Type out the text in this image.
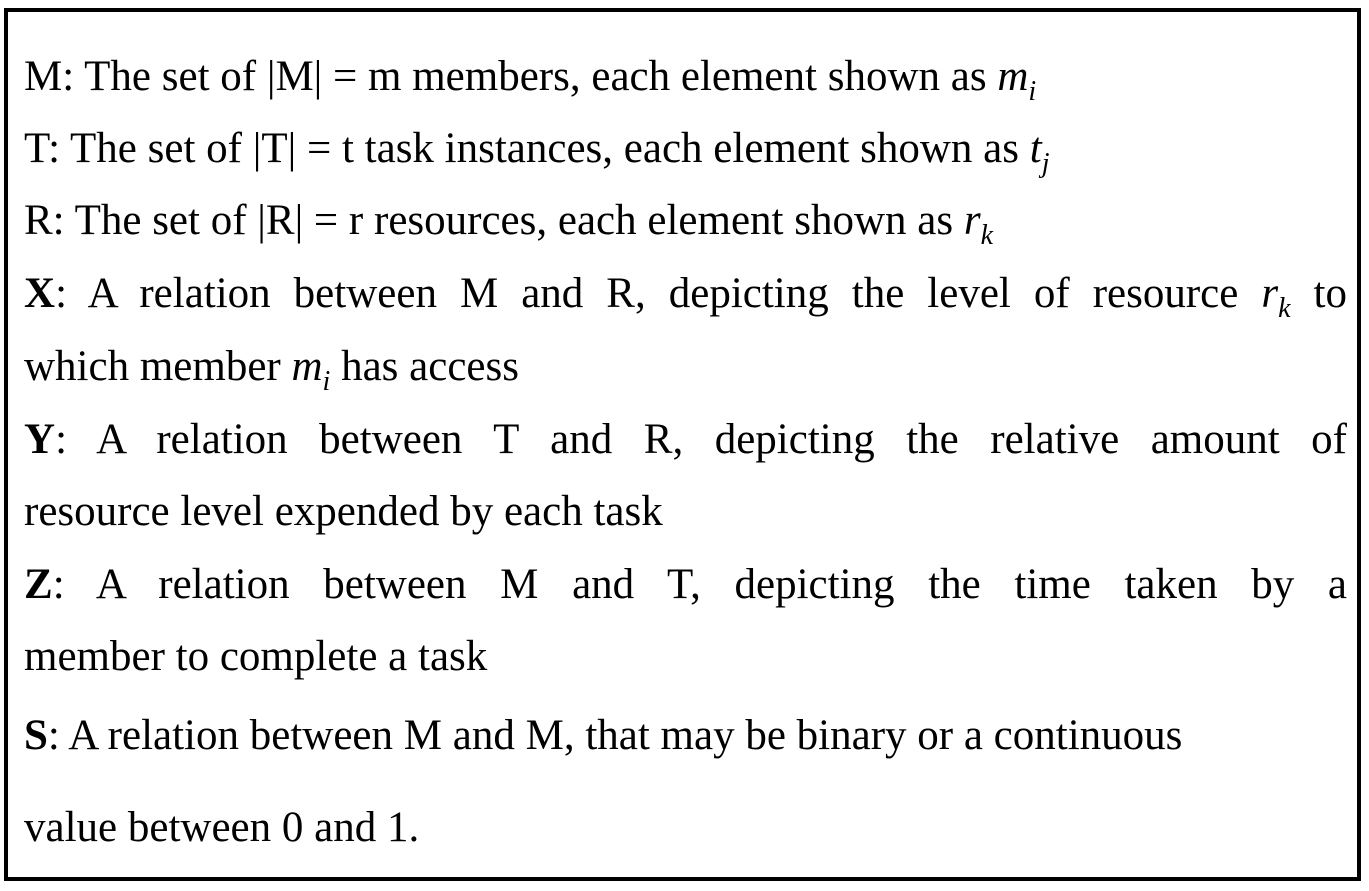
M: The set of |M| = m members, each element shown as $m_i$
T: The set of |T| = t task instances, each element shown as $t_j$
R: The set of |R| = r resources, each element shown as $r_k$
X: A relation between M and R, depicting the level of resource $r_k$ to
which member $m_i$ has access
Y: A relation between T and R, depicting the relative amount of
resource level expended by each task
Z: A relation between M and T, depicting the time taken by a
member to complete a task
S: A relation between M and M, that may be binary or a continuous
value between 0 and 1.
